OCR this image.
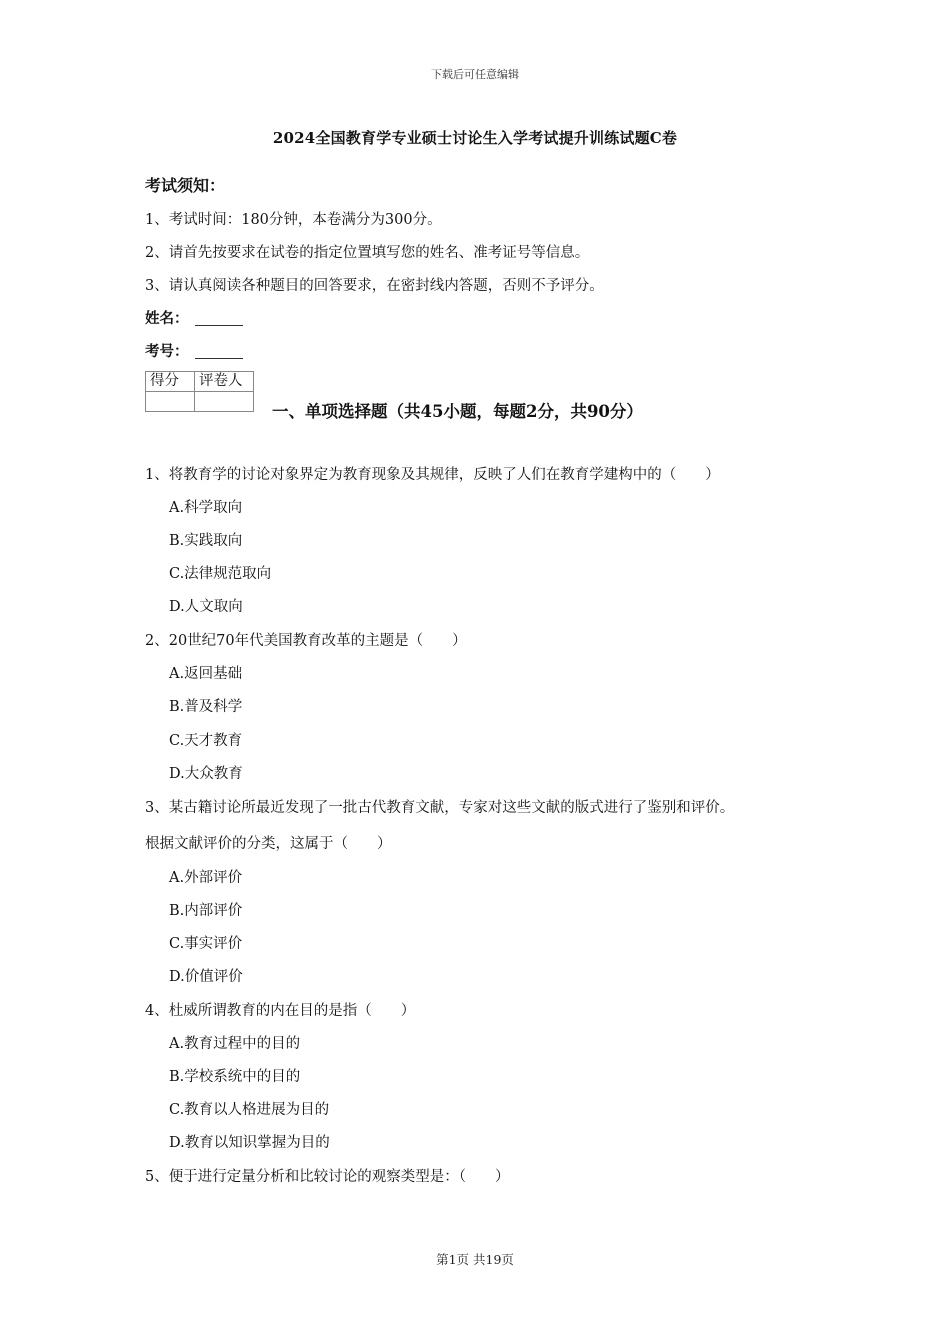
下载后可任意编辑
2024全国教育学专业硕士讨论生入学考试提升训练试题C卷
考试须知：
1、考试时间：180分钟，本卷满分为300分。
2、请首先按要求在试卷的指定位置填写您的姓名、准考证号等信息。
3、请认真阅读各种题目的回答要求，在密封线内答题，否则不予评分。
姓名：
考号：
得分	评卷人

一、单项选择题（共45小题，每题2分，共90分）
1、将教育学的讨论对象界定为教育现象及其规律，反映了人们在教育学建构中的（　　）
A.科学取向
B.实践取向
C.法律规范取向
D.人文取向
2、20世纪70年代美国教育改革的主题是（　　）
A.返回基础
B.普及科学
C.天才教育
D.大众教育
3、某古籍讨论所最近发现了一批古代教育文献，专家对这些文献的版式进行了鉴别和评价。
根据文献评价的分类，这属于（　　）
A.外部评价
B.内部评价
C.事实评价
D.价值评价
4、杜威所谓教育的内在目的是指（　　）
A.教育过程中的目的
B.学校系统中的目的
C.教育以人格进展为目的
D.教育以知识掌握为目的
5、便于进行定量分析和比较讨论的观察类型是：（　　）
第1页 共19页
